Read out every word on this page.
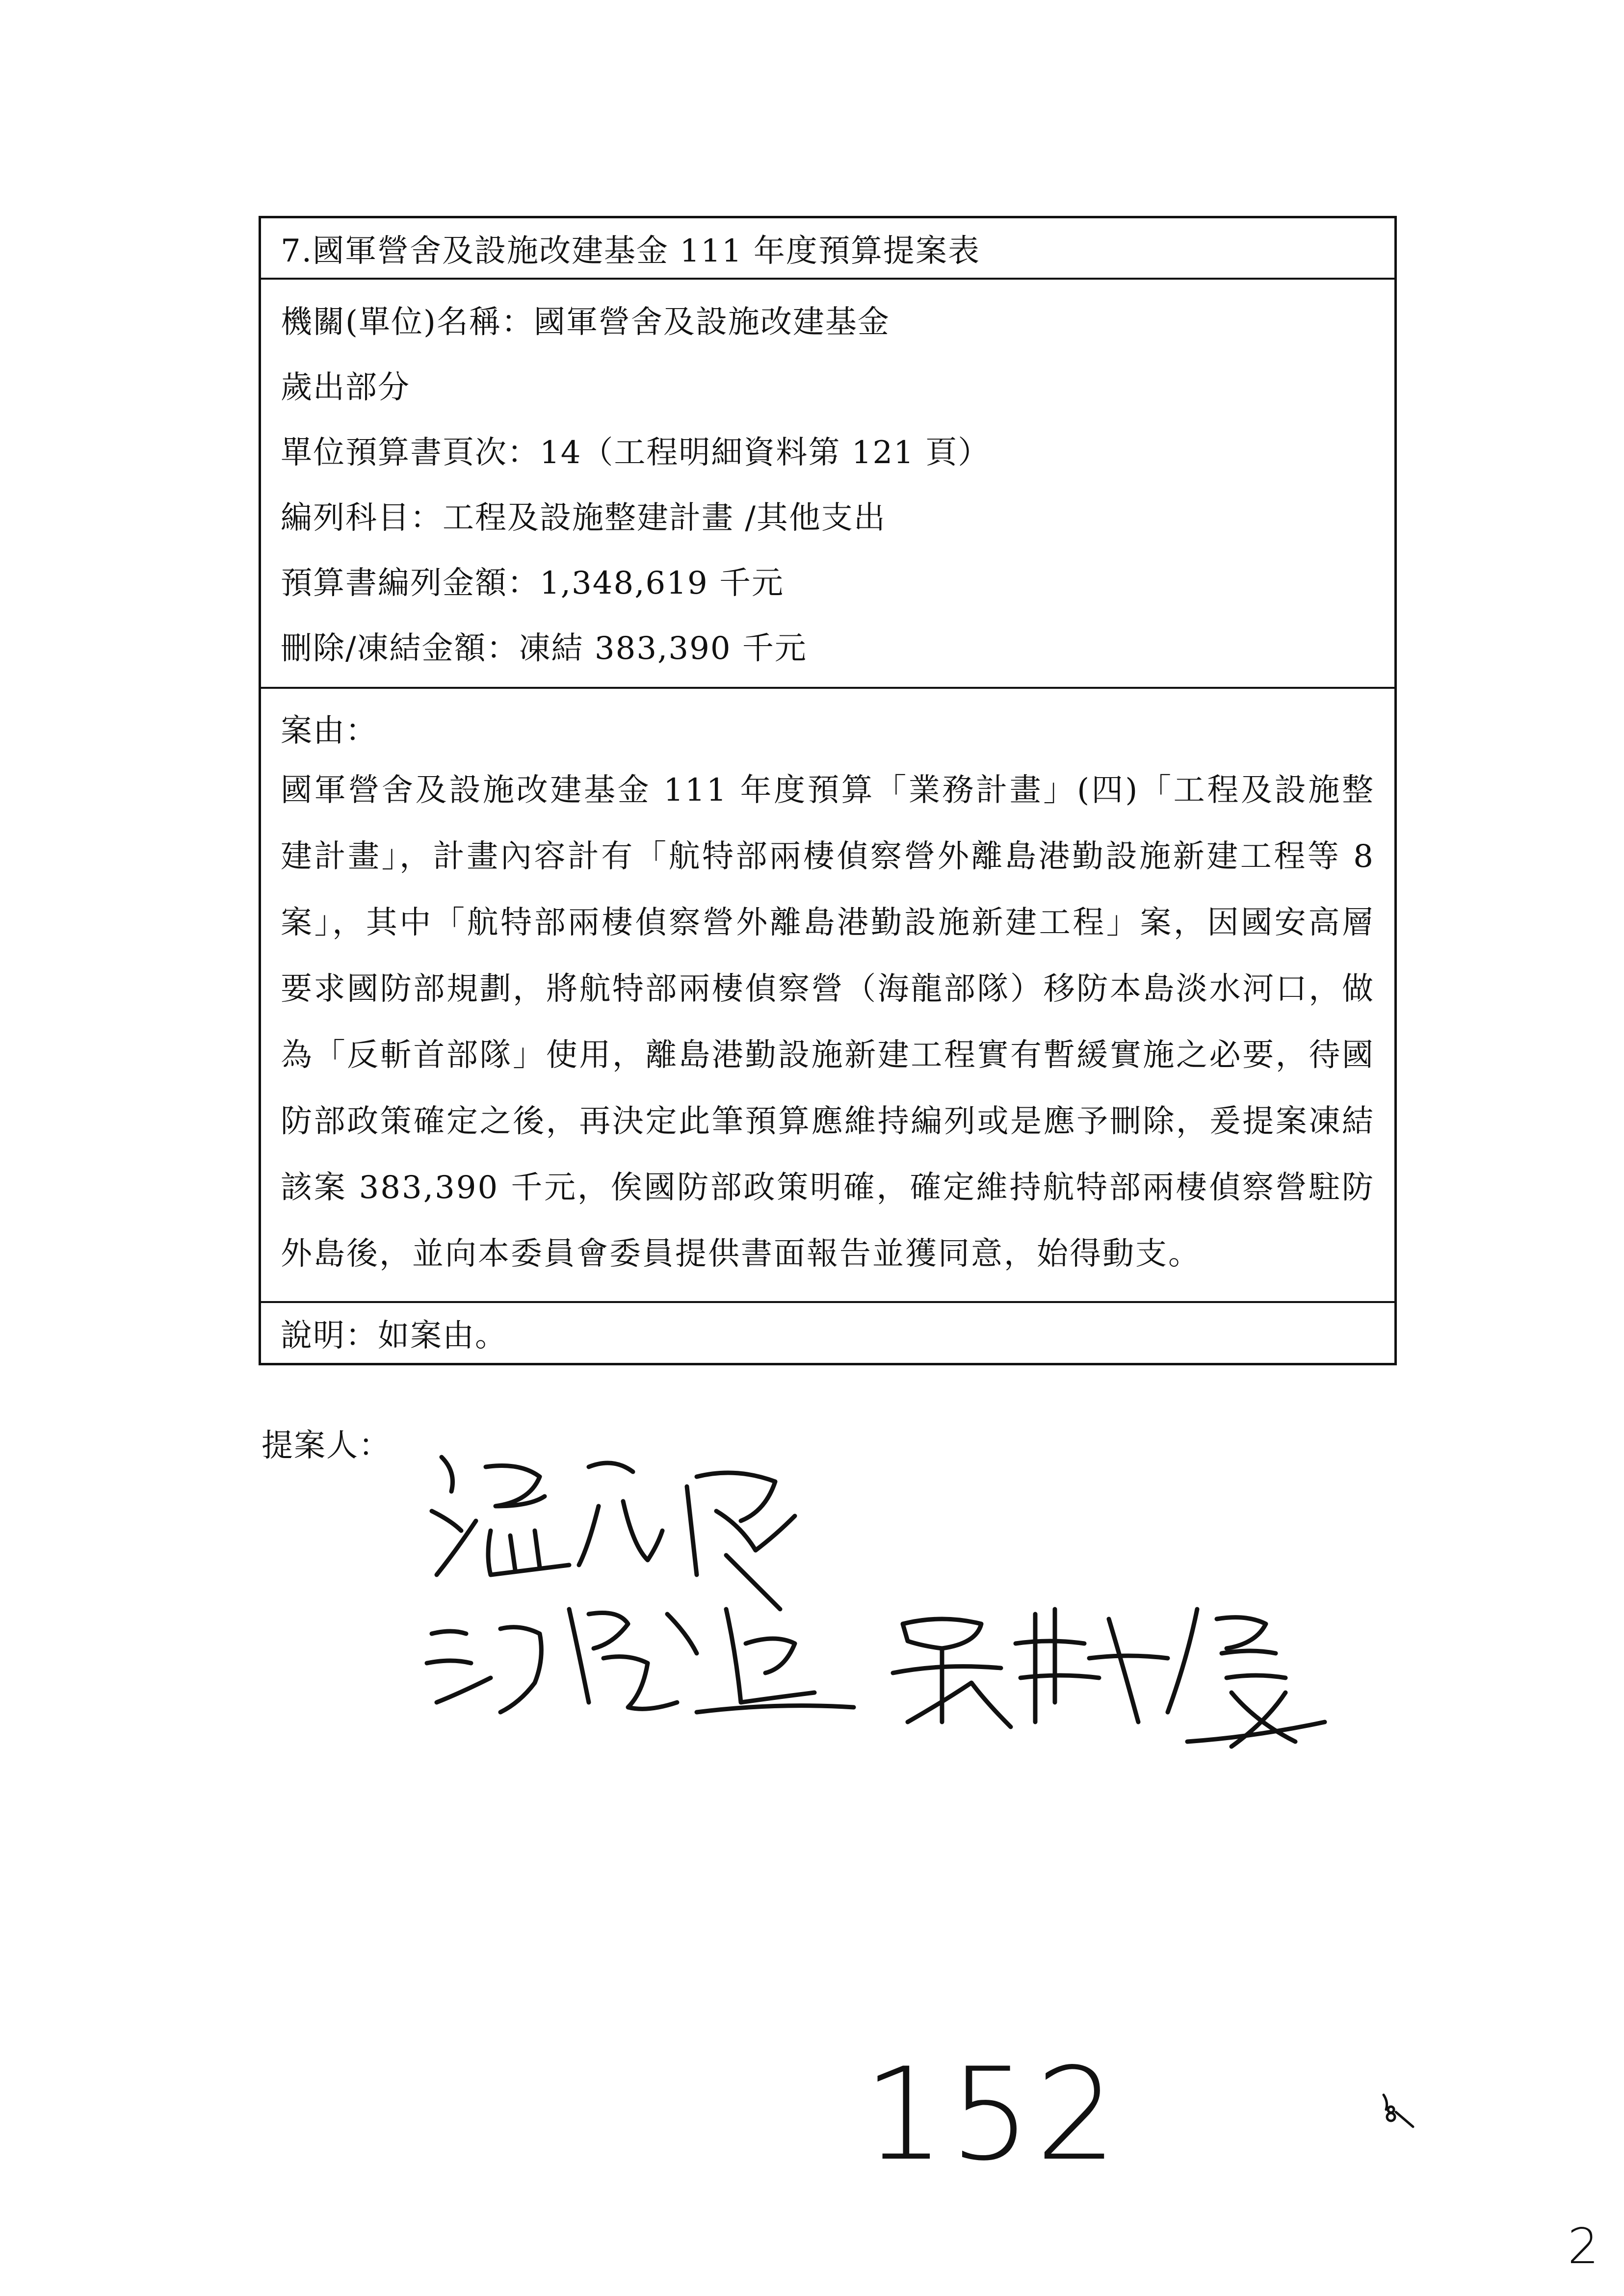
7.國軍營舍及設施改建基金 111 年度預算提案表
機關(單位)名稱：國軍營舍及設施改建基金
歲出部分
單位預算書頁次：14（工程明細資料第 121 頁）
編列科目：工程及設施整建計畫 /其他支出
預算書編列金額：1,348,619 千元
刪除/凍結金額：凍結 383,390 千元
案由：
國軍營舍及設施改建基金 111 年度預算「業務計畫」(四)「工程及設施整建計畫」，計畫內容計有「航特部兩棲偵察營外離島港勤設施新建工程等 8 案」，其中「航特部兩棲偵察營外離島港勤設施新建工程」案，因國安高層要求國防部規劃，將航特部兩棲偵察營（海龍部隊）移防本島淡水河口，做為「反斬首部隊」使用，離島港勤設施新建工程實有暫緩實施之必要，待國防部政策確定之後，再決定此筆預算應維持編列或是應予刪除，爰提案凍結該案 383,390 千元，俟國防部政策明確，確定維持航特部兩棲偵察營駐防外島後，並向本委員會委員提供書面報告並獲同意，始得動支。
說明：如案由。
提案人：
152
2
